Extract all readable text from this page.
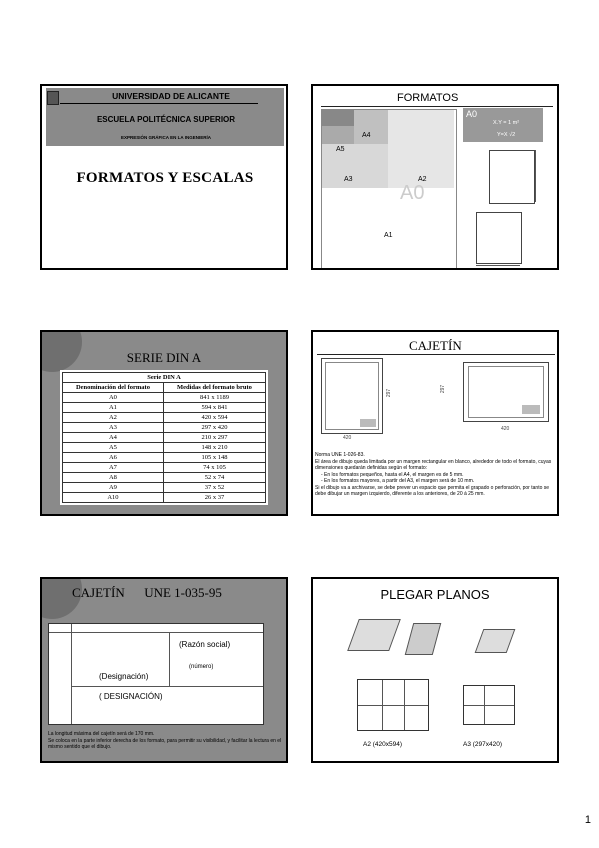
UNIVERSIDAD DE ALICANTE
ESCUELA POLITÉCNICA SUPERIOR
EXPRESIÓN GRÁFICA EN LA INGENIERÍA
FORMATOS Y ESCALAS
FORMATOS
A4
A5
A3	A2
A0
A1
A0
X.Y = 1 m²
Y=X √2
SERIE DIN A
Serie DIN A	
Denominación del formato	Medidas del formato bruto
A0	841 x 1189
A1	594 x 841
A2	420 x 594
A3	297 x 420
A4	210 x 297
A5	148 x 210
A6	105 x 148
A7	74 x 105
A8	52 x 74
A9	37 x 52
A10	26 x 37
CAJETÍN
297
420
297
420
Norma UNE 1-026-83.
El área de dibujo queda limitada por un margen rectangular en blanco, alrededor de todo el formato, cuyas dimensiones quedarán definidas según el formato:
- En los formatos pequeños, hasta el A4, el margen es de 5 mm.
- En los formatos mayores, a partir del A3, el margen será de 10 mm.
Si el dibujo va a archivarse, se debe prever un espacio que permita el grapado o perforación, por tanto se debe dibujar un margen izquierdo, diferente a los anteriores, de 20 á 25 mm.
CAJETÍN      UNE 1-035-95
(Razón social)
(número)
(Designación)
( DESIGNACIÓN)
La longitud máxima del cajetín será de 170 mm.
Se coloca en la parte inferior derecha de los formato, para permitir su visibilidad, y facilitar la lectura en el mismo sentido que el dibujo.
PLEGAR PLANOS
A2 (420x594)	A3 (297x420)
1
